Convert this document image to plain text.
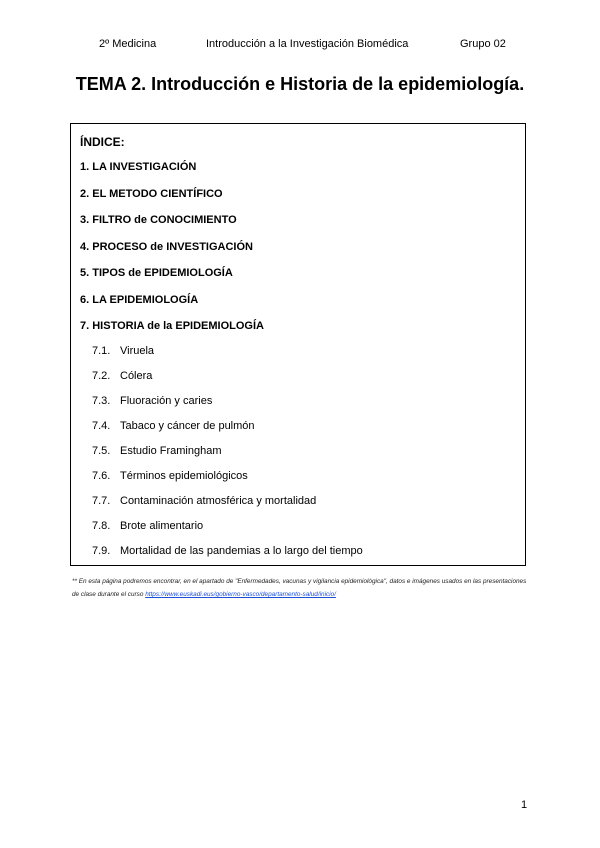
2º Medicina	Introducción a la Investigación Biomédica	Grupo 02
TEMA 2. Introducción e Historia de la epidemiología.
ÍNDICE:
1. LA INVESTIGACIÓN
2. EL METODO CIENTÍFICO
3. FILTRO de CONOCIMIENTO
4. PROCESO de INVESTIGACIÓN
5. TIPOS de EPIDEMIOLOGÍA
6. LA EPIDEMIOLOGÍA
7. HISTORIA de la EPIDEMIOLOGÍA
7.1. Viruela
7.2. Cólera
7.3. Fluoración y caries
7.4. Tabaco y cáncer de pulmón
7.5. Estudio Framingham
7.6. Términos epidemiológicos
7.7. Contaminación atmosférica y mortalidad
7.8. Brote alimentario
7.9. Mortalidad de las pandemias a lo largo del tiempo
** En esta página podremos encontrar, en el apartado de "Enfermedades, vacunas y vigilancia epidemiológica", datos e imágenes usados en las presentaciones de clase durante el curso https://www.euskadi.eus/gobierno-vasco/departamento-salud/inicio/
1
